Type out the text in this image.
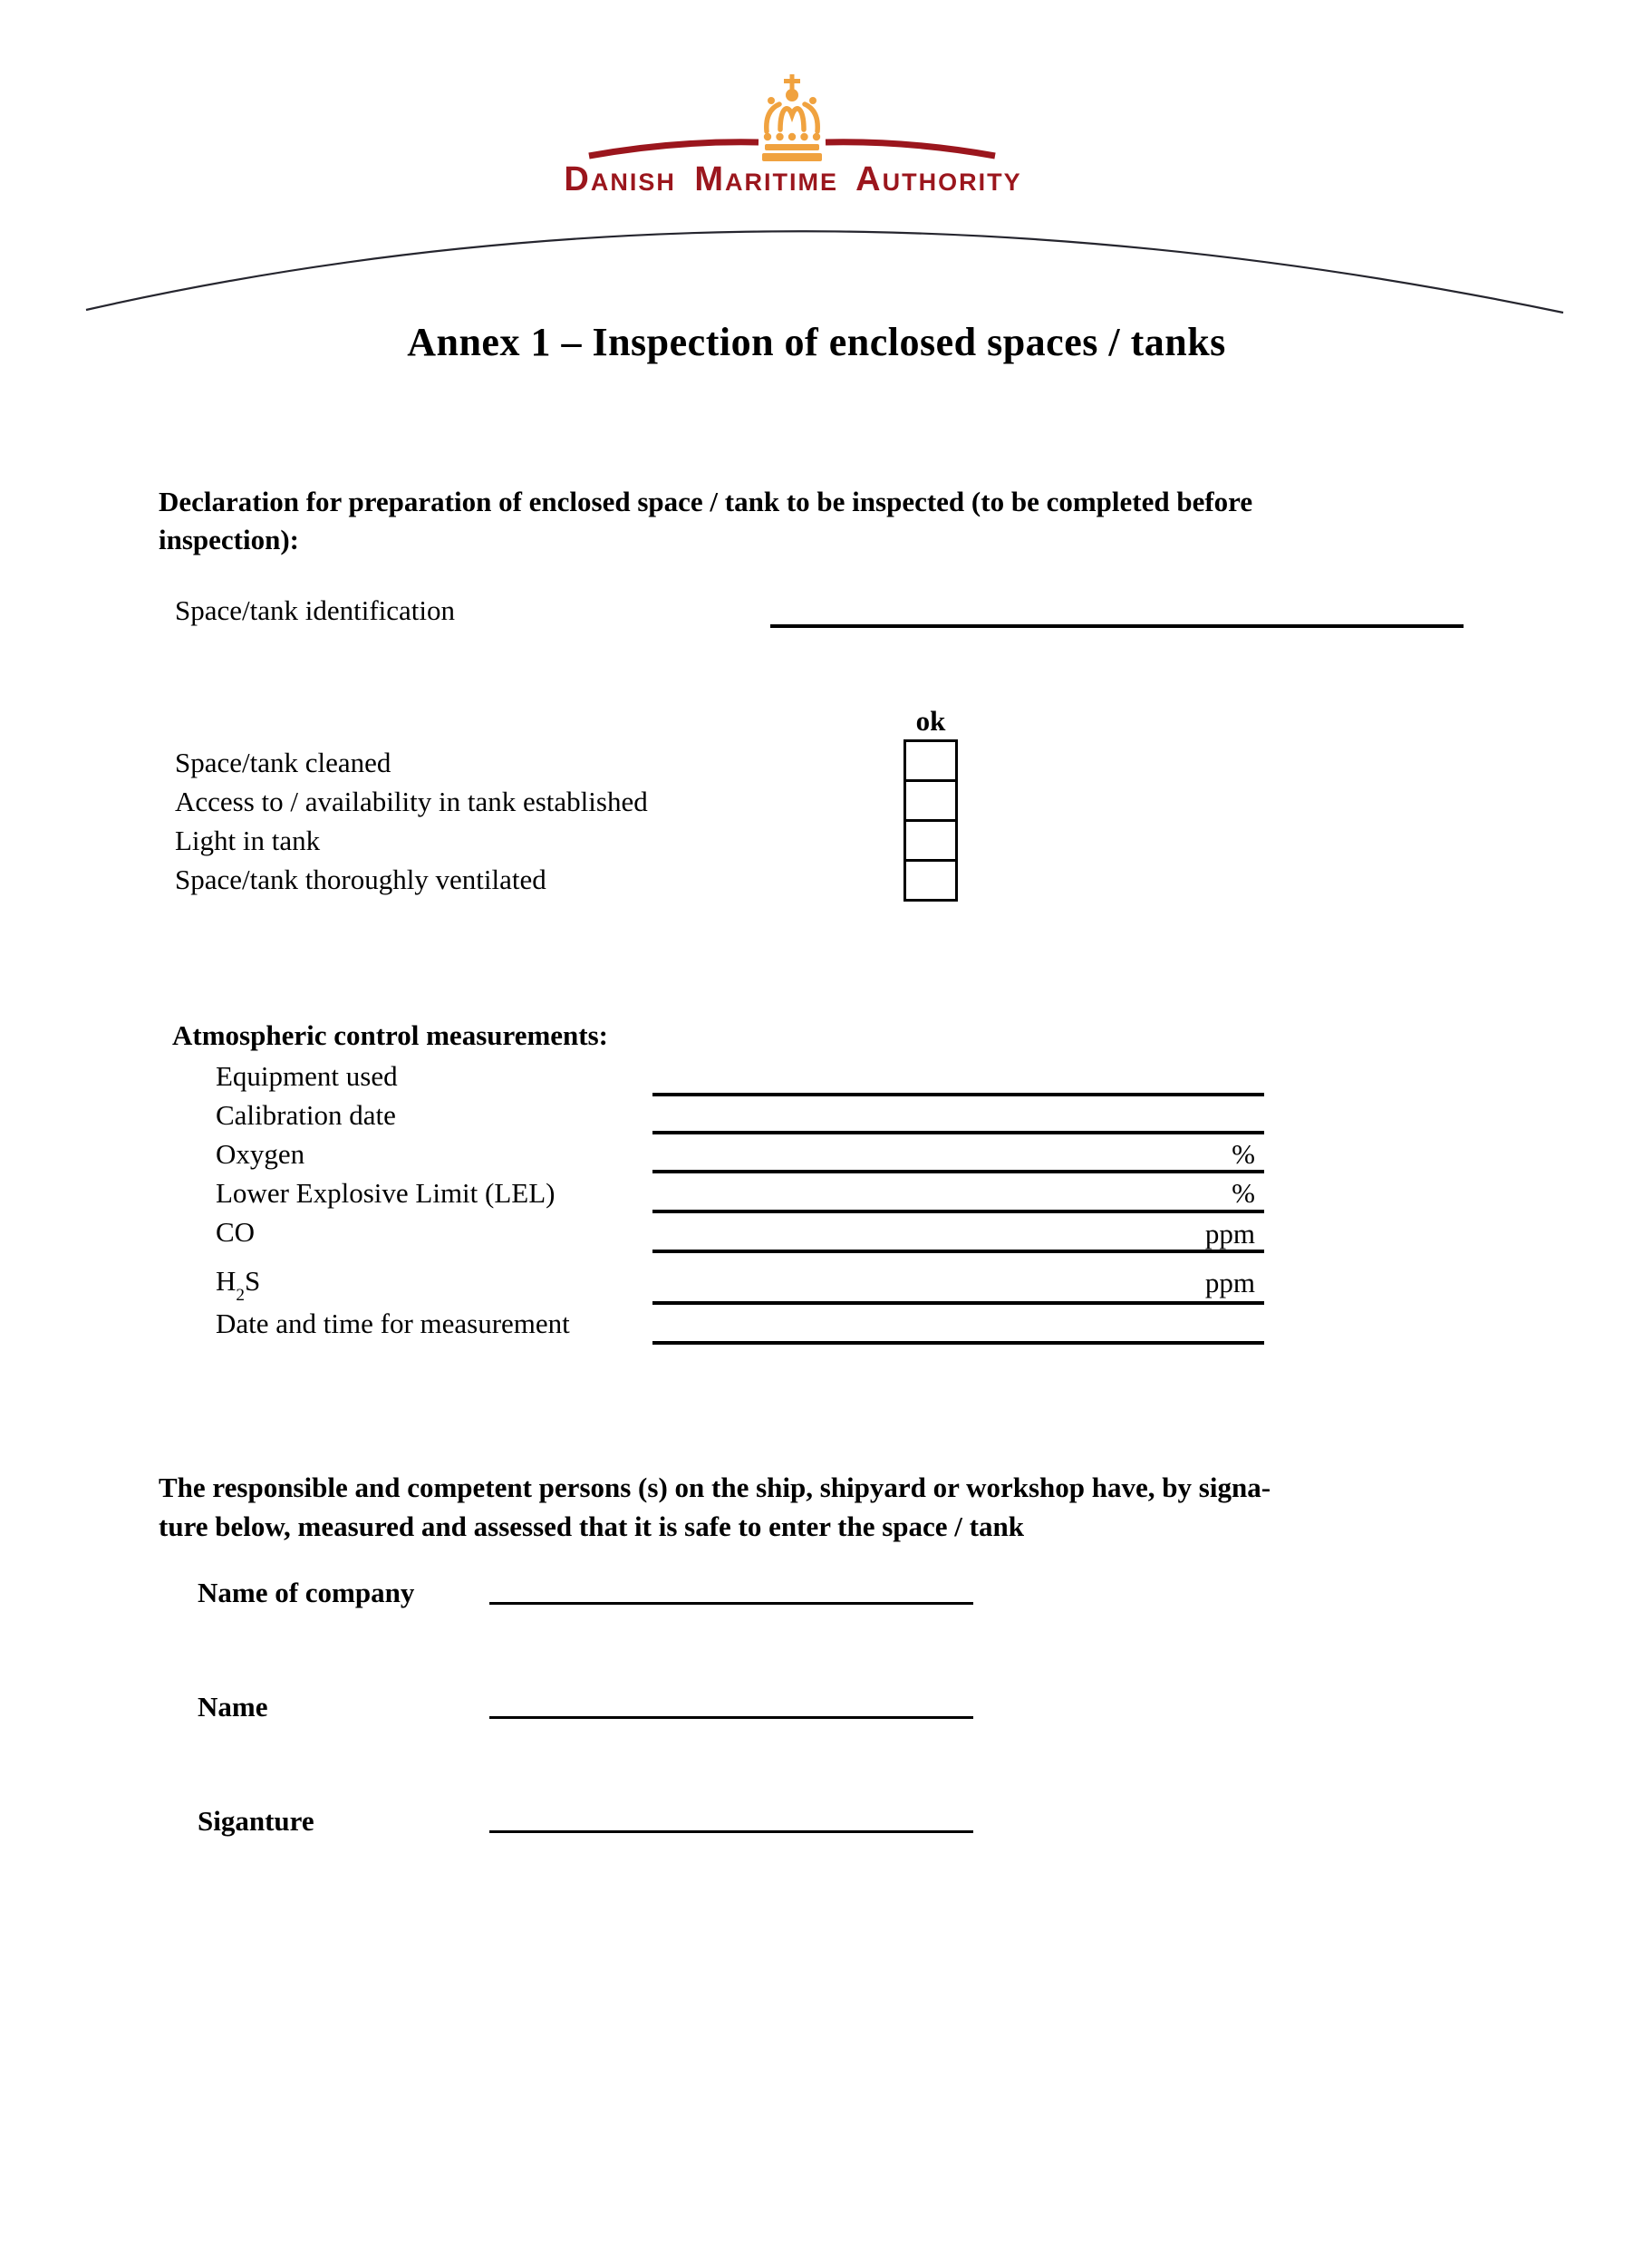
Danish Maritime Authority
Annex 1 – Inspection of enclosed spaces / tanks
Declaration for preparation of enclosed space / tank to be inspected (to be completed before
inspection):
Space/tank identification
ok
Space/tank cleaned
Access to / availability in tank established
Light in tank
Space/tank thoroughly ventilated
Atmospheric control measurements:
Equipment used
Calibration date
Oxygen	%
Lower Explosive Limit (LEL)	%
CO	ppm
$H_2S$	ppm
Date and time for measurement
The responsible and competent persons (s) on the ship, shipyard or workshop have, by signa-
ture below, measured and assessed that it is safe to enter the space / tank
Name of company
Name
Siganture
